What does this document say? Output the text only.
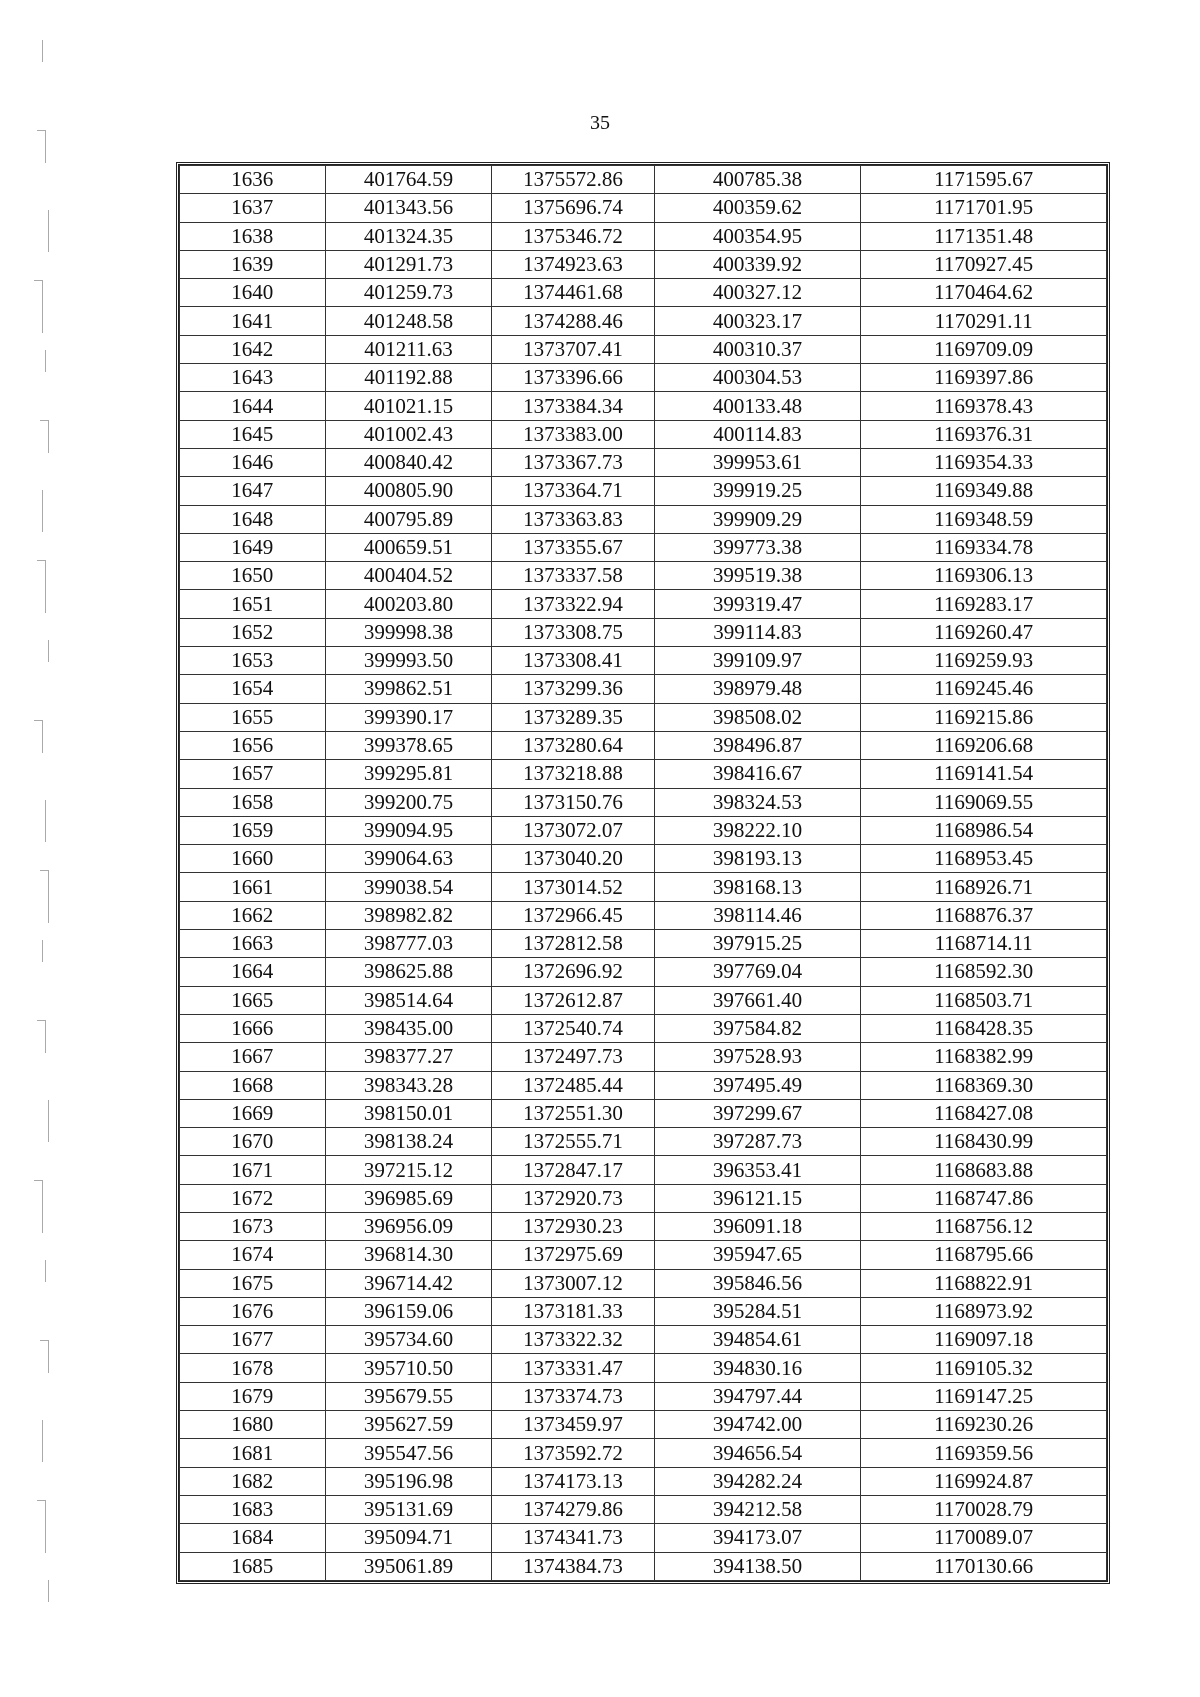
35
1636	401764.59	1375572.86	400785.38	1171595.67
1637	401343.56	1375696.74	400359.62	1171701.95
1638	401324.35	1375346.72	400354.95	1171351.48
1639	401291.73	1374923.63	400339.92	1170927.45
1640	401259.73	1374461.68	400327.12	1170464.62
1641	401248.58	1374288.46	400323.17	1170291.11
1642	401211.63	1373707.41	400310.37	1169709.09
1643	401192.88	1373396.66	400304.53	1169397.86
1644	401021.15	1373384.34	400133.48	1169378.43
1645	401002.43	1373383.00	400114.83	1169376.31
1646	400840.42	1373367.73	399953.61	1169354.33
1647	400805.90	1373364.71	399919.25	1169349.88
1648	400795.89	1373363.83	399909.29	1169348.59
1649	400659.51	1373355.67	399773.38	1169334.78
1650	400404.52	1373337.58	399519.38	1169306.13
1651	400203.80	1373322.94	399319.47	1169283.17
1652	399998.38	1373308.75	399114.83	1169260.47
1653	399993.50	1373308.41	399109.97	1169259.93
1654	399862.51	1373299.36	398979.48	1169245.46
1655	399390.17	1373289.35	398508.02	1169215.86
1656	399378.65	1373280.64	398496.87	1169206.68
1657	399295.81	1373218.88	398416.67	1169141.54
1658	399200.75	1373150.76	398324.53	1169069.55
1659	399094.95	1373072.07	398222.10	1168986.54
1660	399064.63	1373040.20	398193.13	1168953.45
1661	399038.54	1373014.52	398168.13	1168926.71
1662	398982.82	1372966.45	398114.46	1168876.37
1663	398777.03	1372812.58	397915.25	1168714.11
1664	398625.88	1372696.92	397769.04	1168592.30
1665	398514.64	1372612.87	397661.40	1168503.71
1666	398435.00	1372540.74	397584.82	1168428.35
1667	398377.27	1372497.73	397528.93	1168382.99
1668	398343.28	1372485.44	397495.49	1168369.30
1669	398150.01	1372551.30	397299.67	1168427.08
1670	398138.24	1372555.71	397287.73	1168430.99
1671	397215.12	1372847.17	396353.41	1168683.88
1672	396985.69	1372920.73	396121.15	1168747.86
1673	396956.09	1372930.23	396091.18	1168756.12
1674	396814.30	1372975.69	395947.65	1168795.66
1675	396714.42	1373007.12	395846.56	1168822.91
1676	396159.06	1373181.33	395284.51	1168973.92
1677	395734.60	1373322.32	394854.61	1169097.18
1678	395710.50	1373331.47	394830.16	1169105.32
1679	395679.55	1373374.73	394797.44	1169147.25
1680	395627.59	1373459.97	394742.00	1169230.26
1681	395547.56	1373592.72	394656.54	1169359.56
1682	395196.98	1374173.13	394282.24	1169924.87
1683	395131.69	1374279.86	394212.58	1170028.79
1684	395094.71	1374341.73	394173.07	1170089.07
1685	395061.89	1374384.73	394138.50	1170130.66
